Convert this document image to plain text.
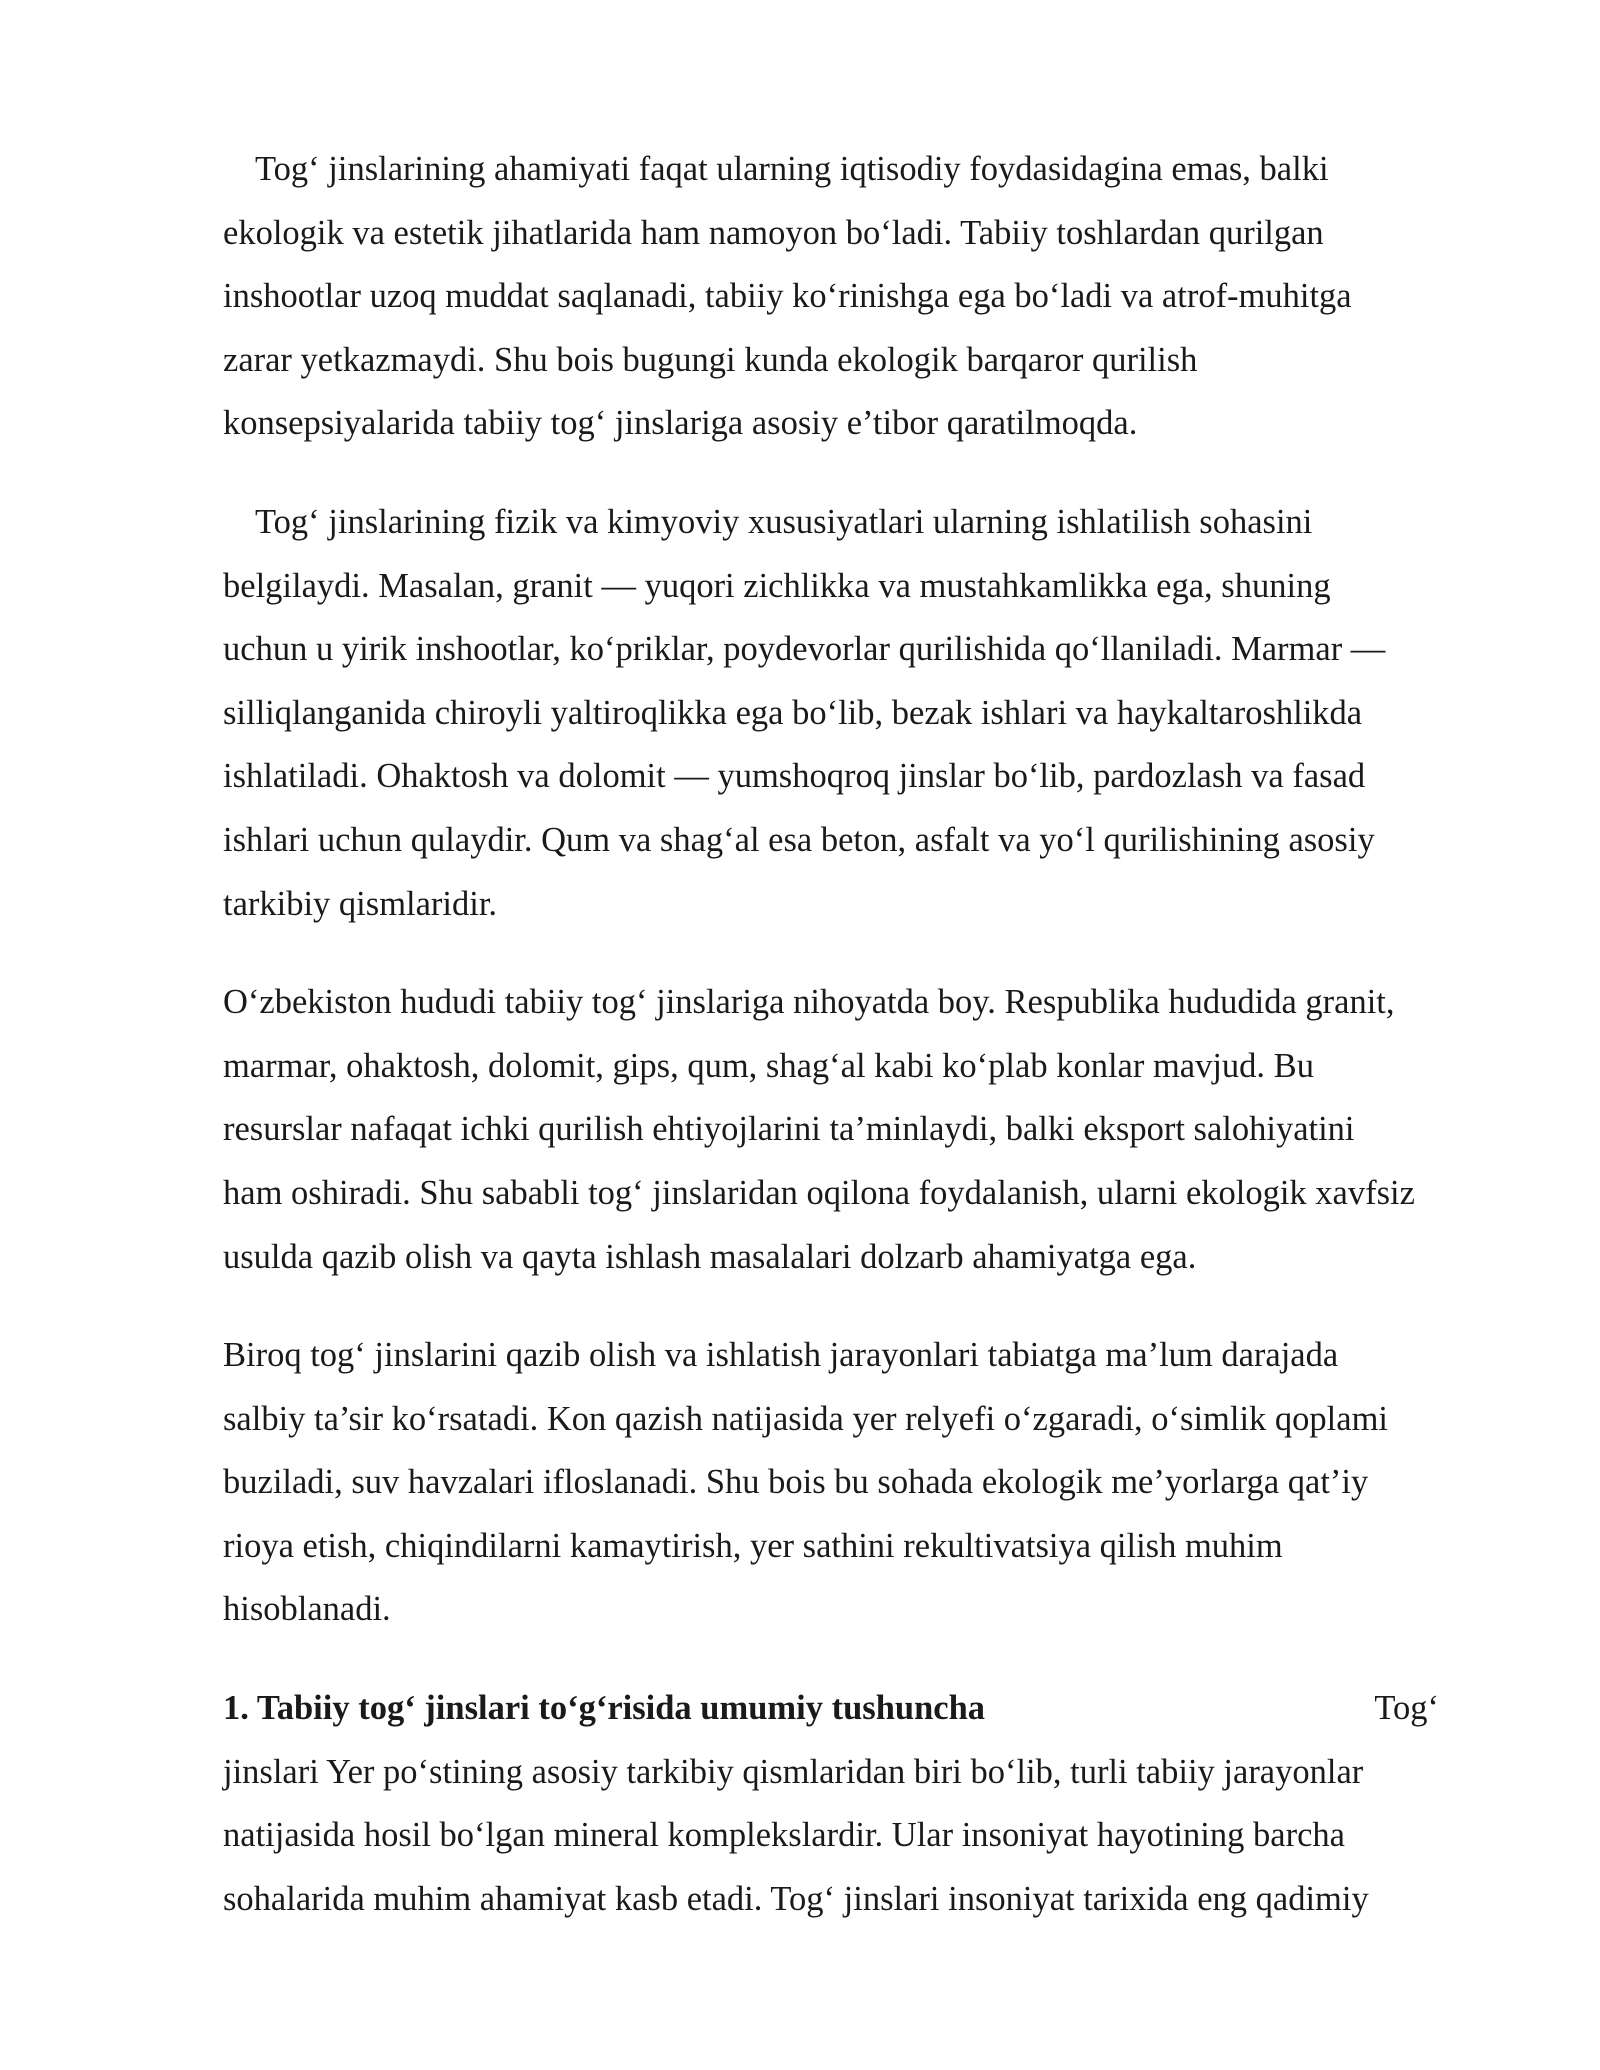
Tog‘ jinslarining ahamiyati faqat ularning iqtisodiy foydasidagina emas, balki
ekologik va estetik jihatlarida ham namoyon bo‘ladi. Tabiiy toshlardan qurilgan
inshootlar uzoq muddat saqlanadi, tabiiy ko‘rinishga ega bo‘ladi va atrof-muhitga
zarar yetkazmaydi. Shu bois bugungi kunda ekologik barqaror qurilish
konsepsiyalarida tabiiy tog‘ jinslariga asosiy e’tibor qaratilmoqda.

Tog‘ jinslarining fizik va kimyoviy xususiyatlari ularning ishlatilish sohasini
belgilaydi. Masalan, granit — yuqori zichlikka va mustahkamlikka ega, shuning
uchun u yirik inshootlar, ko‘priklar, poydevorlar qurilishida qo‘llaniladi. Marmar —
silliqlanganida chiroyli yaltiroqlikka ega bo‘lib, bezak ishlari va haykaltaroshlikda
ishlatiladi. Ohaktosh va dolomit — yumshoqroq jinslar bo‘lib, pardozlash va fasad
ishlari uchun qulaydir. Qum va shag‘al esa beton, asfalt va yo‘l qurilishining asosiy
tarkibiy qismlaridir.

O‘zbekiston hududi tabiiy tog‘ jinslariga nihoyatda boy. Respublika hududida granit,
marmar, ohaktosh, dolomit, gips, qum, shag‘al kabi ko‘plab konlar mavjud. Bu
resurslar nafaqat ichki qurilish ehtiyojlarini ta’minlaydi, balki eksport salohiyatini
ham oshiradi. Shu sababli tog‘ jinslaridan oqilona foydalanish, ularni ekologik xavfsiz
usulda qazib olish va qayta ishlash masalalari dolzarb ahamiyatga ega.

Biroq tog‘ jinslarini qazib olish va ishlatish jarayonlari tabiatga ma’lum darajada
salbiy ta’sir ko‘rsatadi. Kon qazish natijasida yer relyefi o‘zgaradi, o‘simlik qoplami
buziladi, suv havzalari ifloslanadi. Shu bois bu sohada ekologik me’yorlarga qat’iy
rioya etish, chiqindilarni kamaytirish, yer sathini rekultivatsiya qilish muhim
hisoblanadi.

1. Tabiiy tog‘ jinslari to‘g‘risida umumiy tushuncha	Tog‘
jinslari Yer po‘stining asosiy tarkibiy qismlaridan biri bo‘lib, turli tabiiy jarayonlar
natijasida hosil bo‘lgan mineral komplekslardir. Ular insoniyat hayotining barcha
sohalarida muhim ahamiyat kasb etadi. Tog‘ jinslari insoniyat tarixida eng qadimiy
